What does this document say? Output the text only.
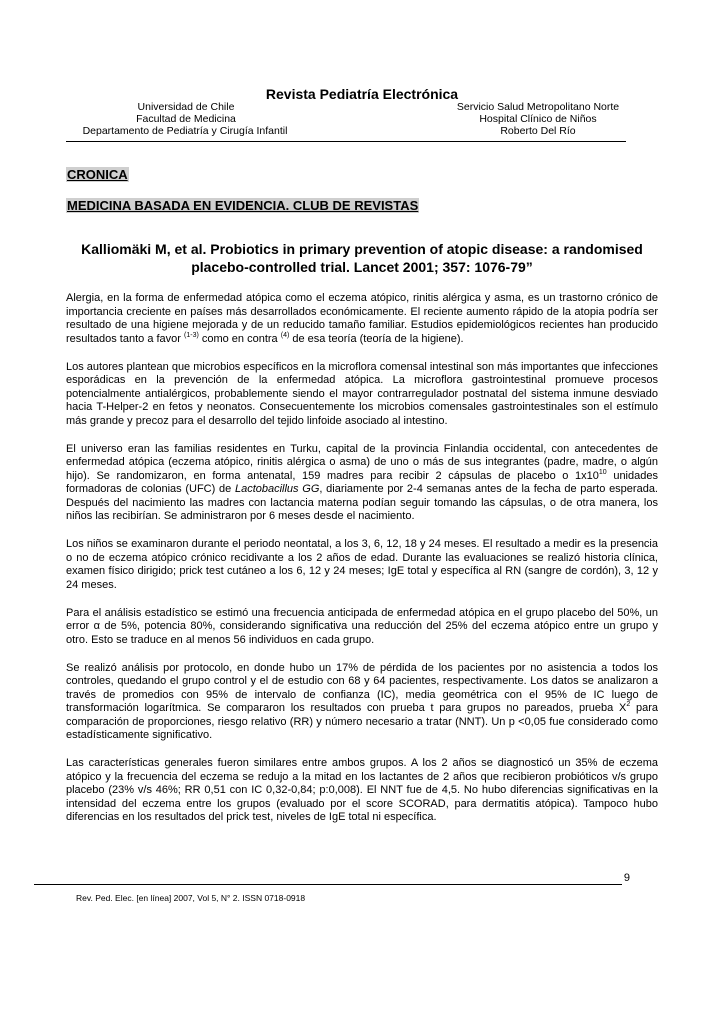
Revista Pediatría Electrónica
Universidad de Chile
Facultad de Medicina
Departamento de Pediatría y Cirugía Infantil
Servicio Salud Metropolitano Norte
Hospital Clínico de Niños
Roberto Del Río
CRONICA
MEDICINA BASADA EN EVIDENCIA. CLUB DE REVISTAS
Kalliomäki M, et al. Probiotics in primary prevention of atopic disease: a randomised placebo-controlled trial. Lancet 2001; 357: 1076-79”

Alergia, en la forma de enfermedad atópica como el eczema atópico, rinitis alérgica y asma, es un trastorno crónico de importancia creciente en países más desarrollados económicamente. El reciente aumento rápido de la atopia podría ser resultado de una higiene mejorada y de un reducido tamaño familiar. Estudios epidemiológicos recientes han producido resultados tanto a favor $^{(1-3)}$ como en contra $^{(4)}$ de esa teoría (teoría de la higiene).

Los autores plantean que microbios específicos en la microflora comensal intestinal son más importantes que infecciones esporádicas en la prevención de la enfermedad atópica. La microflora gastrointestinal promueve procesos potencialmente antialérgicos, probablemente siendo el mayor contrarregulador postnatal del sistema inmune desviado hacia T-Helper-2 en fetos y neonatos. Consecuentemente los microbios comensales gastrointestinales son el estímulo más grande y precoz para el desarrollo del tejido linfoide asociado al intestino.

El universo eran las familias residentes en Turku, capital de la provincia Finlandia occidental, con antecedentes de enfermedad atópica (eczema atópico, rinitis alérgica o asma) de uno o más de sus integrantes (padre, madre, o algún hijo). Se randomizaron, en forma antenatal, 159 madres para recibir 2 cápsulas de placebo o $1x10^{10}$ unidades formadoras de colonias (UFC) de Lactobacillus GG, diariamente por 2-4 semanas antes de la fecha de parto esperada. Después del nacimiento las madres con lactancia materna podían seguir tomando las cápsulas, o de otra manera, los niños las recibirían. Se administraron por 6 meses desde el nacimiento.

Los niños se examinaron durante el periodo neontatal, a los 3, 6, 12, 18 y 24 meses. El resultado a medir es la presencia o no de eczema atópico crónico recidivante a los 2 años de edad. Durante las evaluaciones se realizó historia clínica, examen físico dirigido; prick test cutáneo a los 6, 12 y 24 meses; IgE total y específica al RN (sangre de cordón), 3, 12 y 24 meses.

Para el análisis estadístico se estimó una frecuencia anticipada de enfermedad atópica en el grupo placebo del 50%, un error α de 5%, potencia 80%, considerando significativa una reducción del 25% del eczema atópico entre un grupo y otro. Esto se traduce en al menos 56 individuos en cada grupo.

Se realizó análisis por protocolo, en donde hubo un 17% de pérdida de los pacientes por no asistencia a todos los controles, quedando el grupo control y el de estudio con 68 y 64 pacientes, respectivamente. Los datos se analizaron a través de promedios con 95% de intervalo de confianza (IC), media geométrica con el 95% de IC luego de transformación logarítmica. Se compararon los resultados con prueba t para grupos no pareados, prueba $X^2$ para comparación de proporciones, riesgo relativo (RR) y número necesario a tratar (NNT). Un p <0,05 fue considerado como estadísticamente significativo.

Las características generales fueron similares entre ambos grupos. A los 2 años se diagnosticó un 35% de eczema atópico y la frecuencia del eczema se redujo a la mitad en los lactantes de 2 años que recibieron probióticos v/s grupo placebo (23% v/s 46%; RR 0,51 con IC 0,32-0,84; p:0,008). El NNT fue de 4,5. No hubo diferencias significativas en la intensidad del eczema entre los grupos (evaluado por el score SCORAD, para dermatitis atópica). Tampoco hubo diferencias en los resultados del prick test, niveles de IgE total ni específica.

9
Rev. Ped. Elec. [en línea] 2007, Vol 5, N° 2. ISSN 0718-0918
